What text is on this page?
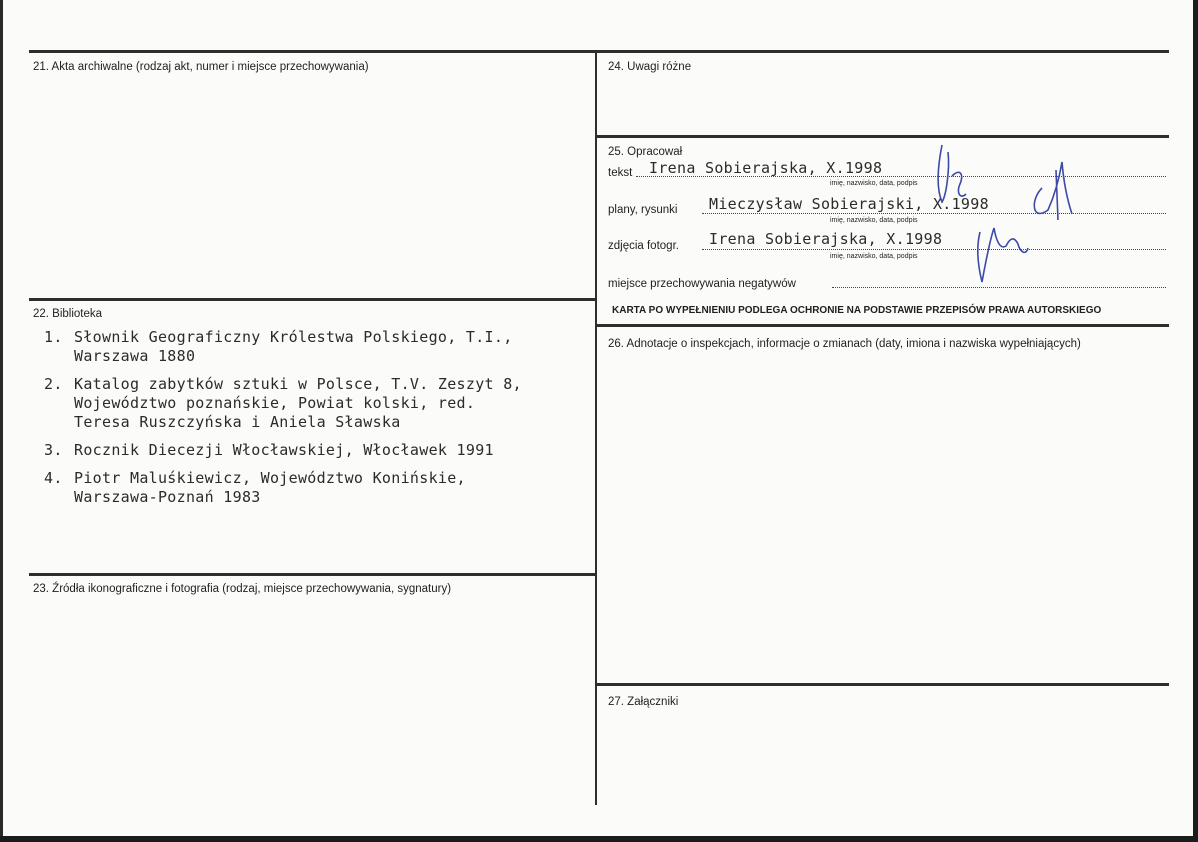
21. Akta archiwalne (rodzaj akt, numer i miejsce przechowywania)
22. Biblioteka
1. Słownik Geograficzny Królestwa Polskiego, T.I.,
Warszawa 1880
2. Katalog zabytków sztuki w Polsce, T.V. Zeszyt 8,
Województwo poznańskie, Powiat kolski, red.
Teresa Ruszczyńska i Aniela Sławska
3. Rocznik Diecezji Włocławskiej, Włocławek 1991
4. Piotr Maluśkiewicz, Województwo Konińskie,
Warszawa-Poznań 1983
23. Źródła ikonograficzne i fotografia (rodzaj, miejsce przechowywania, sygnatury)
24. Uwagi różne
25. Opracował
tekst Irena Sobierajska, X.1998
imię, nazwisko, data, podpis
plany, rysunki Mieczysław Sobierajski, X.1998
imię, nazwisko, data, podpis
zdjęcia fotogr. Irena Sobierajska, X.1998
imię, nazwisko, data, podpis
miejsce przechowywania negatywów
KARTA PO WYPEŁNIENIU PODLEGA OCHRONIE NA PODSTAWIE PRZEPISÓW PRAWA AUTORSKIEGO
26. Adnotacje o inspekcjach, informacje o zmianach (daty, imiona i nazwiska wypełniających)
27. Załączniki
